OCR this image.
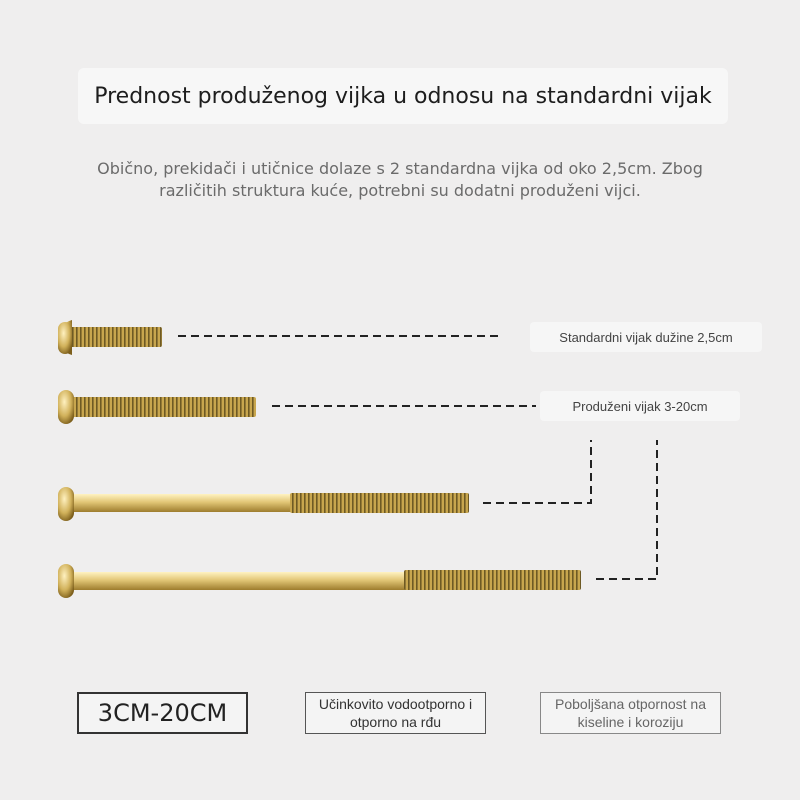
Prednost produženog vijka u odnosu na standardni vijak
Obično, prekidači i utičnice dolaze s 2 standardna vijka od oko 2,5cm. Zbog različitih struktura kuće, potrebni su dodatni produženi vijci.
Standardni vijak dužine 2,5cm
Produženi vijak 3-20cm
3CM-20CM	Učinkovito vodootporno i otporno na rđu
Poboljšana otpornost na kiseline i koroziju
